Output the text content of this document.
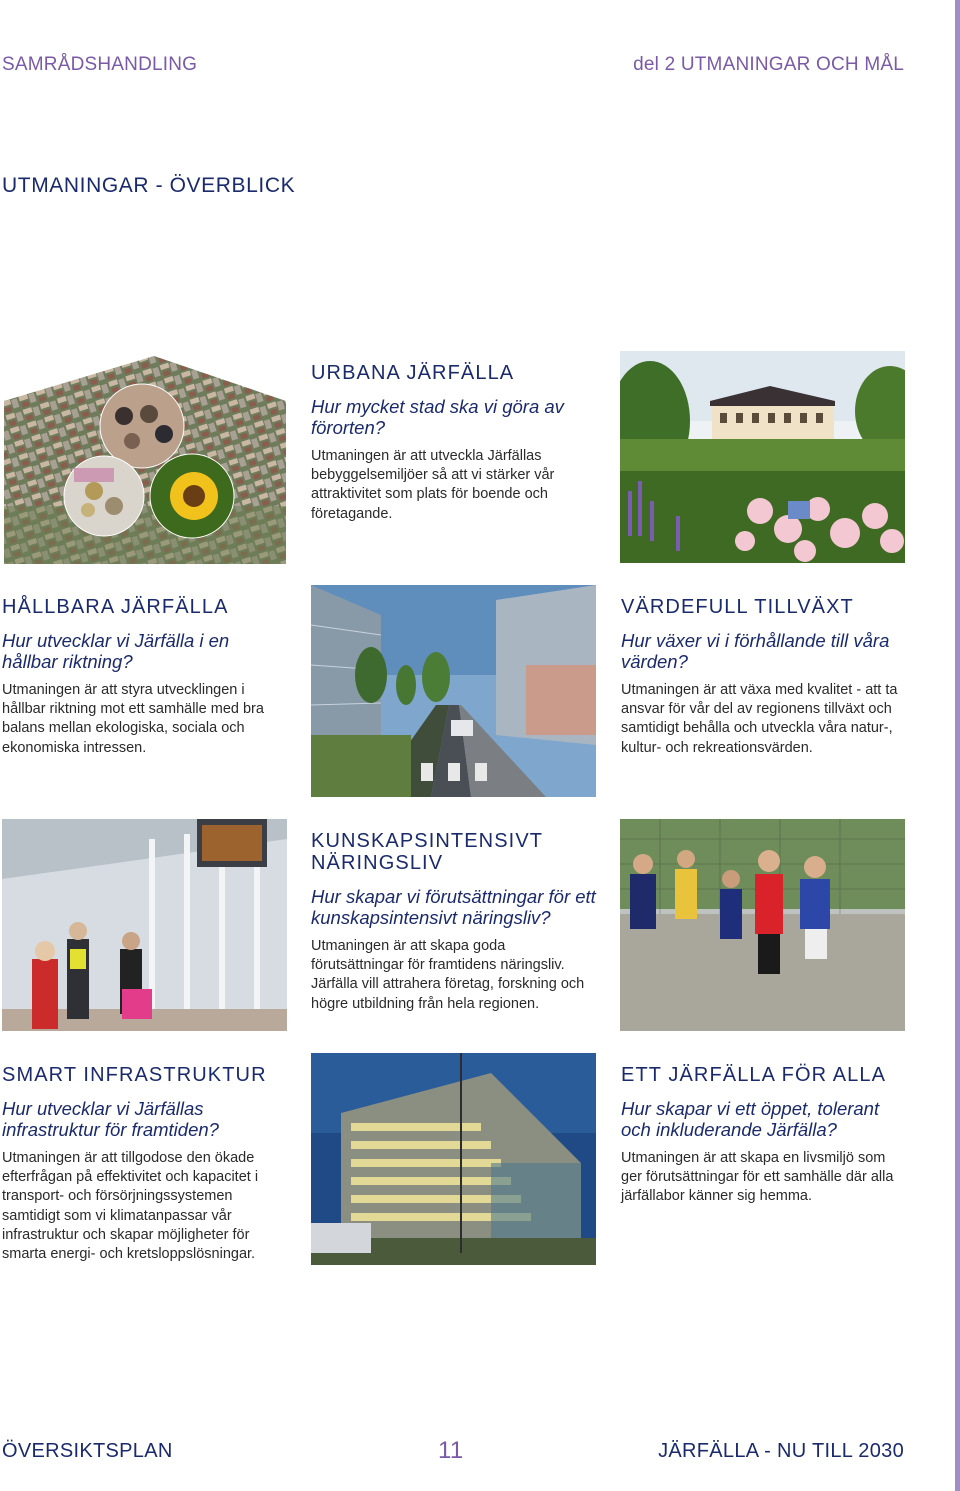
SAMRÅDSHANDLING	del 2 UTMANINGAR OCH MÅL
UTMANINGAR - ÖVERBLICK
URBANA JÄRFÄLLA
Hur mycket stad ska vi göra av förorten?
Utmaningen är att utveckla Järfällas bebyggelsemiljöer så att vi stärker vår attraktivitet som plats för boende och företagande.
HÅLLBARA JÄRFÄLLA
Hur utvecklar vi Järfälla i en hållbar riktning?
Utmaningen är att styra utvecklingen i hållbar riktning mot ett samhälle med bra balans mellan ekologiska, sociala och ekonomiska intressen.
VÄRDEFULL TILLVÄXT
Hur växer vi i förhållande till våra värden?
Utmaningen är att växa med kvalitet - att ta ansvar för vår del av regionens tillväxt och samtidigt behålla och utveckla våra natur-, kultur- och rekreationsvärden.
KUNSKAPSINTENSIVT NÄRINGSLIV
Hur skapar vi förutsättningar för ett kunskapsintensivt näringsliv?
Utmaningen är att skapa goda förutsättningar för framtidens näringsliv. Järfälla vill attrahera företag, forskning och högre utbildning från hela regionen.
SMART INFRASTRUKTUR
Hur utvecklar vi Järfällas infrastruktur för framtiden?
Utmaningen är att tillgodose den ökade efterfrågan på effektivitet och kapacitet i transport- och försörjningssystemen samtidigt som vi klimatanpassar vår infrastruktur och skapar möjligheter för smarta energi- och kretsloppslösningar.
ETT JÄRFÄLLA FÖR ALLA
Hur skapar vi ett öppet, tolerant och inkluderande Järfälla?
Utmaningen är att skapa en livsmiljö som ger förutsättningar för ett samhälle där alla järfällabor känner sig hemma.
ÖVERSIKTSPLAN	11	JÄRFÄLLA - NU TILL 2030
